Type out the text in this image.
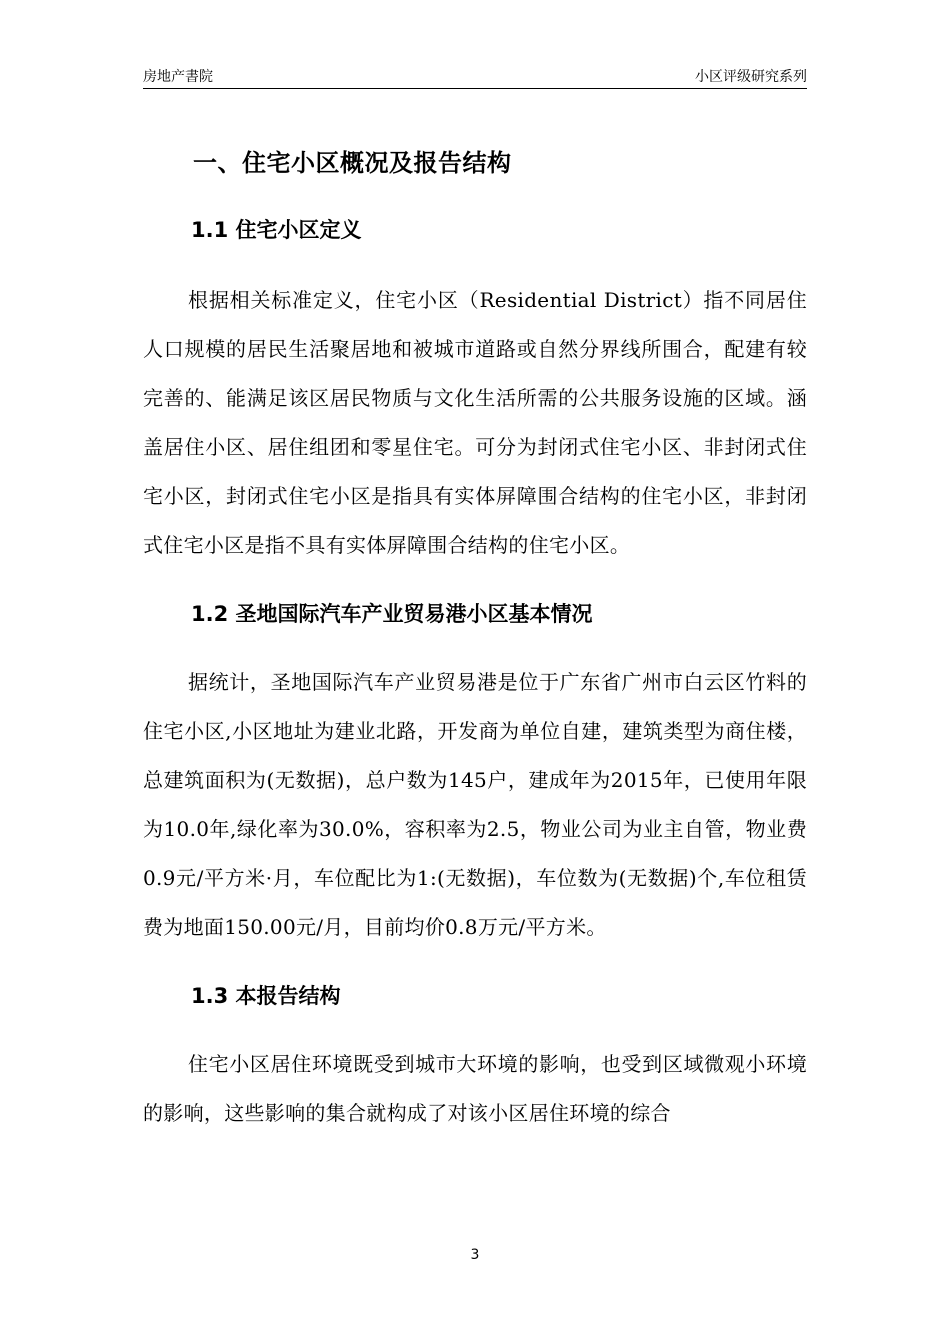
房地产書院	小区评级研究系列
一、住宅小区概况及报告结构
1.1 住宅小区定义

根据相关标准定义，住宅小区（Residential District）指不同居住人口规模的居民生活聚居地和被城市道路或自然分界线所围合，配建有较完善的、能满足该区居民物质与文化生活所需的公共服务设施的区域。涵盖居住小区、居住组团和零星住宅。可分为封闭式住宅小区、非封闭式住宅小区，封闭式住宅小区是指具有实体屏障围合结构的住宅小区，非封闭式住宅小区是指不具有实体屏障围合结构的住宅小区。

1.2 圣地国际汽车产业贸易港小区基本情况

据统计，圣地国际汽车产业贸易港是位于广东省广州市白云区竹料的住宅小区,小区地址为建业北路，开发商为单位自建，建筑类型为商住楼，总建筑面积为(无数据)，总户数为145户，建成年为2015年，已使用年限为10.0年,绿化率为30.0%，容积率为2.5，物业公司为业主自管，物业费0.9元/平方米·月，车位配比为1:(无数据)，车位数为(无数据)个,车位租赁费为地面150.00元/月，目前均价0.8万元/平方米。

1.3 本报告结构

住宅小区居住环境既受到城市大环境的影响，也受到区域微观小环境的影响，这些影响的集合就构成了对该小区居住环境的综合

3
